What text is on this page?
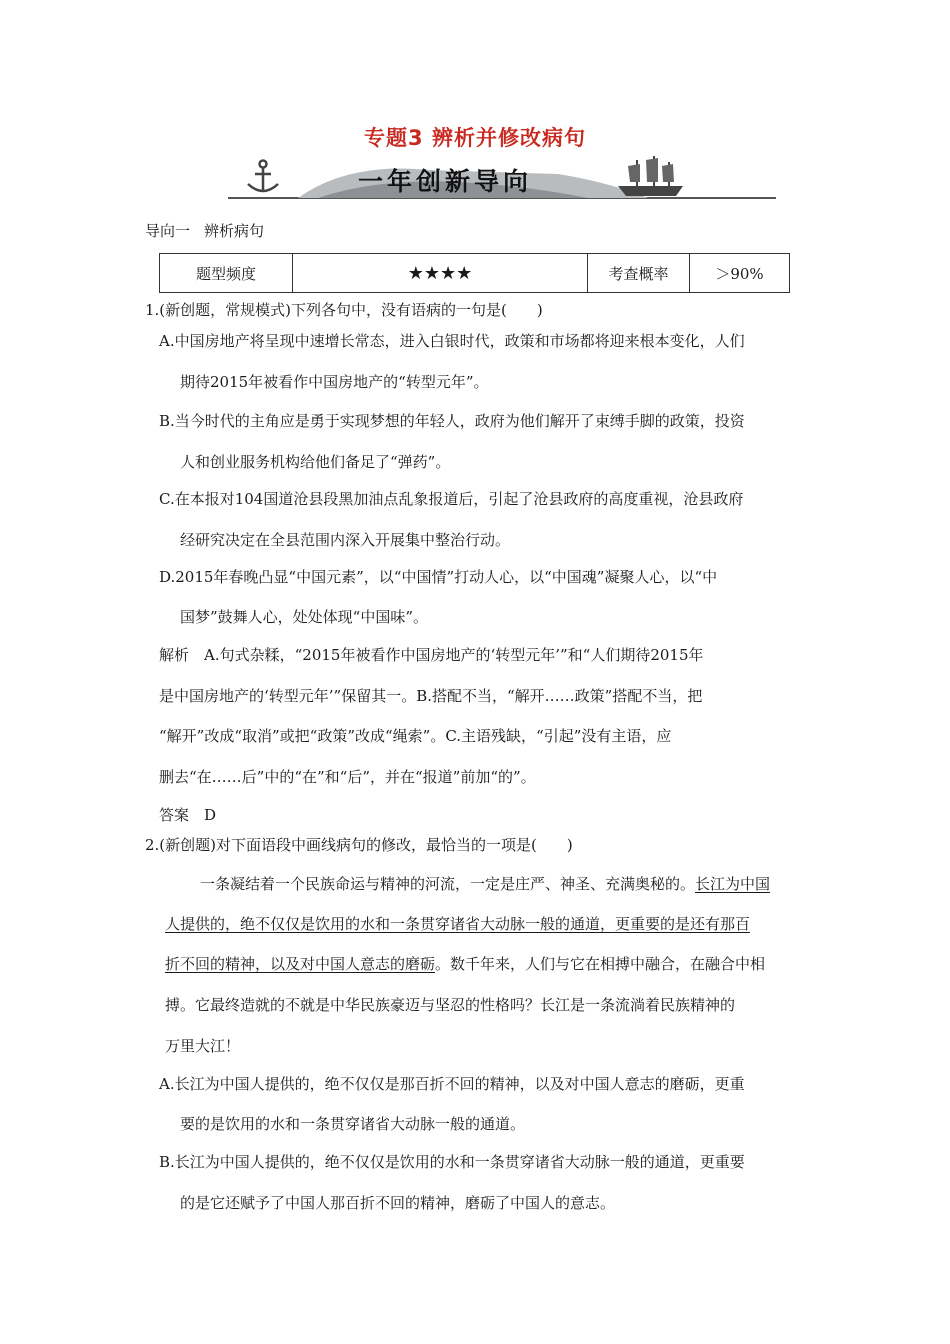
专题3 辨析并修改病句
一年创新导向
导向一 辨析病句
题型频度	★★★★	考查概率	＞90%
1.(新创题，常规模式)下列各句中，没有语病的一句是(　　)
A.中国房地产将呈现中速增长常态，进入白银时代，政策和市场都将迎来根本变化，人们
期待2015年被看作中国房地产的“转型元年”。
B.当今时代的主角应是勇于实现梦想的年轻人，政府为他们解开了束缚手脚的政策，投资
人和创业服务机构给他们备足了“弹药”。
C.在本报对104国道沧县段黑加油点乱象报道后，引起了沧县政府的高度重视，沧县政府
经研究决定在全县范围内深入开展集中整治行动。
D.2015年春晚凸显“中国元素”，以“中国情”打动人心，以“中国魂”凝聚人心，以“中
国梦”鼓舞人心，处处体现“中国味”。
解析　A.句式杂糅，“2015年被看作中国房地产的‘转型元年’”和“人们期待2015年
是中国房地产的‘转型元年’”保留其一。B.搭配不当，“解开……政策”搭配不当，把
“解开”改成“取消”或把“政策”改成“绳索”。C.主语残缺，“引起”没有主语，应
删去“在……后”中的“在”和“后”，并在“报道”前加“的”。
答案　D
2.(新创题)对下面语段中画线病句的修改，最恰当的一项是(　　)
一条凝结着一个民族命运与精神的河流，一定是庄严、神圣、充满奥秘的。长江为中国
人提供的，绝不仅仅是饮用的水和一条贯穿诸省大动脉一般的通道，更重要的是还有那百
折不回的精神，以及对中国人意志的磨砺。数千年来，人们与它在相搏中融合，在融合中相
搏。它最终造就的不就是中华民族豪迈与坚忍的性格吗？长江是一条流淌着民族精神的
万里大江！
A.长江为中国人提供的，绝不仅仅是那百折不回的精神，以及对中国人意志的磨砺，更重
要的是饮用的水和一条贯穿诸省大动脉一般的通道。
B.长江为中国人提供的，绝不仅仅是饮用的水和一条贯穿诸省大动脉一般的通道，更重要
的是它还赋予了中国人那百折不回的精神，磨砺了中国人的意志。
